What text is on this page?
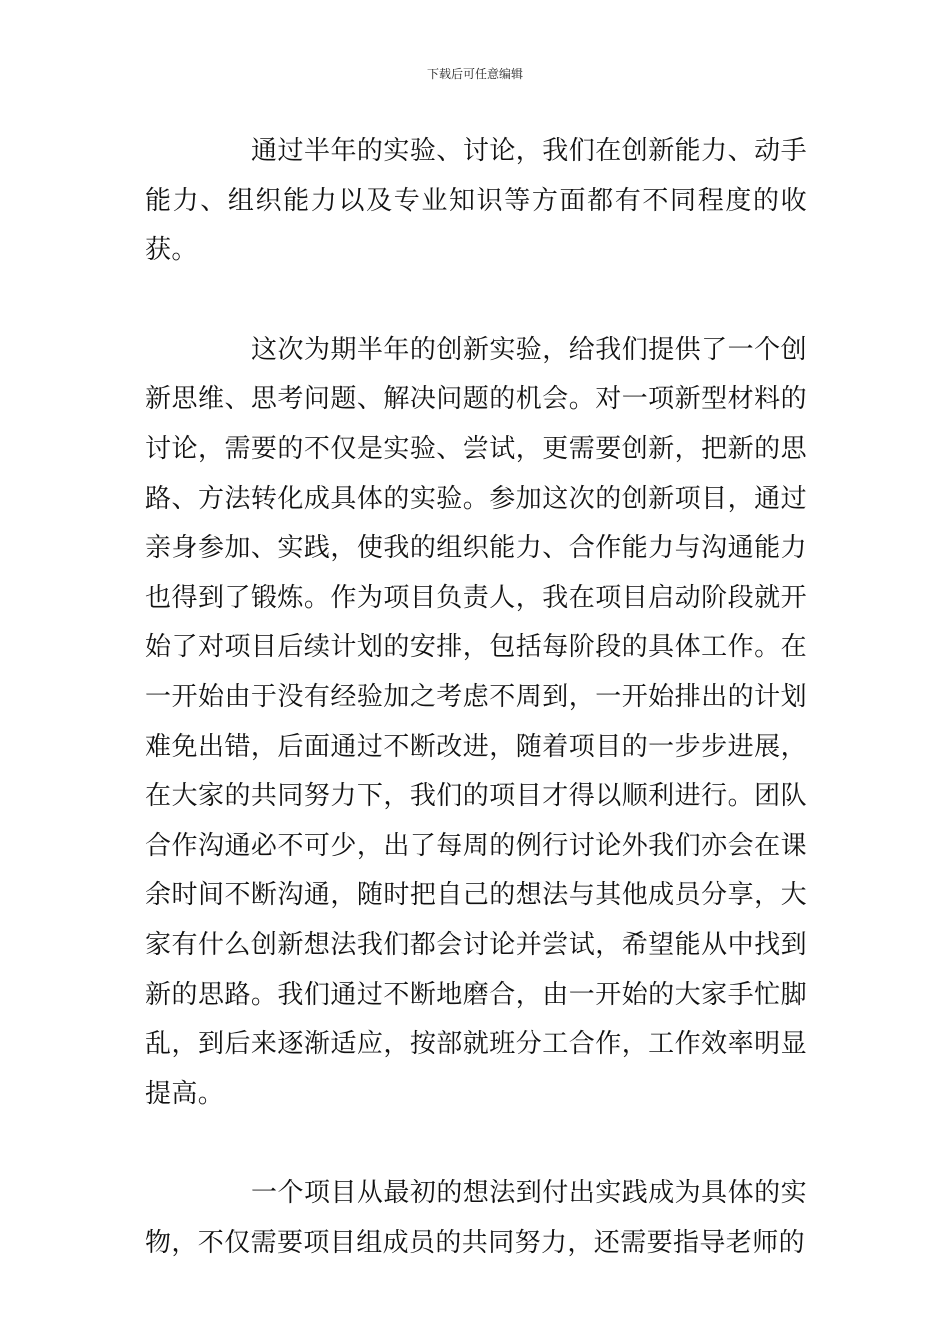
下载后可任意编辑

通过半年的实验、讨论，我们在创新能力、动手能力、组织能力以及专业知识等方面都有不同程度的收获。

这次为期半年的创新实验，给我们提供了一个创新思维、思考问题、解决问题的机会。对一项新型材料的讨论，需要的不仅是实验、尝试，更需要创新，把新的思路、方法转化成具体的实验。参加这次的创新项目，通过亲身参加、实践，使我的组织能力、合作能力与沟通能力也得到了锻炼。作为项目负责人，我在项目启动阶段就开始了对项目后续计划的安排，包括每阶段的具体工作。在一开始由于没有经验加之考虑不周到，一开始排出的计划难免出错，后面通过不断改进，随着项目的一步步进展，在大家的共同努力下，我们的项目才得以顺利进行。团队合作沟通必不可少，出了每周的例行讨论外我们亦会在课余时间不断沟通，随时把自己的想法与其他成员分享，大家有什么创新想法我们都会讨论并尝试，希望能从中找到新的思路。我们通过不断地磨合，由一开始的大家手忙脚乱，到后来逐渐适应，按部就班分工合作，工作效率明显提高。

一个项目从最初的想法到付出实践成为具体的实物，不仅需要项目组成员的共同努力，还需要指导老师的
